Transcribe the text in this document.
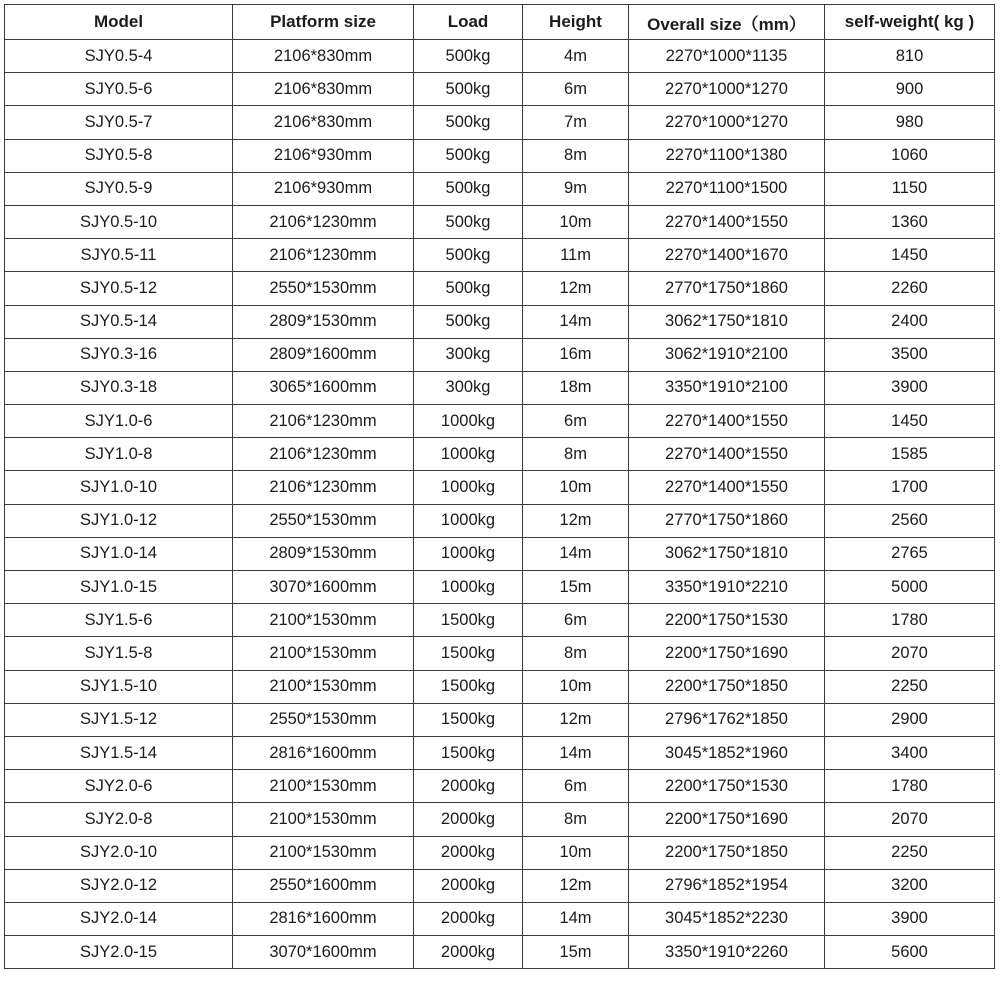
Model	Platform size	Load	Height	Overall size（mm）	self-weight( kg )
SJY0.5-4	2106*830mm	500kg	4m	2270*1000*1135	810
SJY0.5-6	2106*830mm	500kg	6m	2270*1000*1270	900
SJY0.5-7	2106*830mm	500kg	7m	2270*1000*1270	980
SJY0.5-8	2106*930mm	500kg	8m	2270*1100*1380	1060
SJY0.5-9	2106*930mm	500kg	9m	2270*1100*1500	1150
SJY0.5-10	2106*1230mm	500kg	10m	2270*1400*1550	1360
SJY0.5-11	2106*1230mm	500kg	11m	2270*1400*1670	1450
SJY0.5-12	2550*1530mm	500kg	12m	2770*1750*1860	2260
SJY0.5-14	2809*1530mm	500kg	14m	3062*1750*1810	2400
SJY0.3-16	2809*1600mm	300kg	16m	3062*1910*2100	3500
SJY0.3-18	3065*1600mm	300kg	18m	3350*1910*2100	3900
SJY1.0-6	2106*1230mm	1000kg	6m	2270*1400*1550	1450
SJY1.0-8	2106*1230mm	1000kg	8m	2270*1400*1550	1585
SJY1.0-10	2106*1230mm	1000kg	10m	2270*1400*1550	1700
SJY1.0-12	2550*1530mm	1000kg	12m	2770*1750*1860	2560
SJY1.0-14	2809*1530mm	1000kg	14m	3062*1750*1810	2765
SJY1.0-15	3070*1600mm	1000kg	15m	3350*1910*2210	5000
SJY1.5-6	2100*1530mm	1500kg	6m	2200*1750*1530	1780
SJY1.5-8	2100*1530mm	1500kg	8m	2200*1750*1690	2070
SJY1.5-10	2100*1530mm	1500kg	10m	2200*1750*1850	2250
SJY1.5-12	2550*1530mm	1500kg	12m	2796*1762*1850	2900
SJY1.5-14	2816*1600mm	1500kg	14m	3045*1852*1960	3400
SJY2.0-6	2100*1530mm	2000kg	6m	2200*1750*1530	1780
SJY2.0-8	2100*1530mm	2000kg	8m	2200*1750*1690	2070
SJY2.0-10	2100*1530mm	2000kg	10m	2200*1750*1850	2250
SJY2.0-12	2550*1600mm	2000kg	12m	2796*1852*1954	3200
SJY2.0-14	2816*1600mm	2000kg	14m	3045*1852*2230	3900
SJY2.0-15	3070*1600mm	2000kg	15m	3350*1910*2260	5600
